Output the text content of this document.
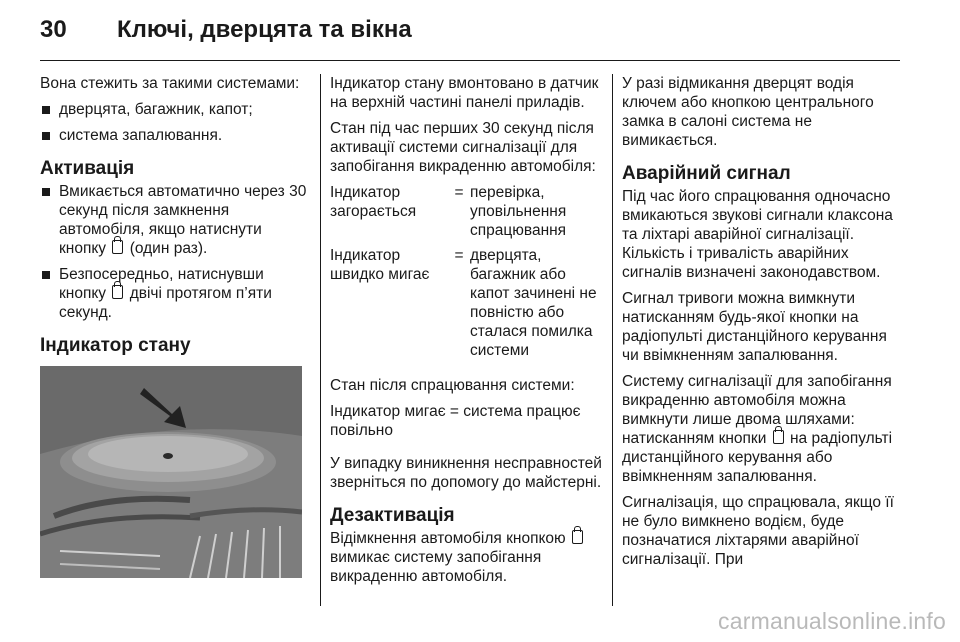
30	Ключі, дверцята та вікна

Вона стежить за такими системами:

дверцята, багажник, капот;
система запалювання.
Активація
Вмикається автоматично через 30 секунд після замкнення автомобіля, якщо натиснути кнопку (один раз).
Безпосередньо, натиснувши кнопку двічі протягом п’яти секунд.
Індикатор стану

Індикатор стану вмонтовано в датчик на верхній частині панелі приладів.

Стан під час перших 30 секунд після активації системи сигналізації для запобігання викраденню автомобіля:

Індикатор загорається
= перевірка, уповільнення спрацювання
Індикатор швидко мигає
= дверцята, багажник або капот зачинені не повністю або сталася помилка системи

Стан після спрацювання системи:

Індикатор мигає = система працює повільно

У випадку виникнення несправностей зверніться по допомогу до майстерні.

Дезактивація

Відімкнення автомобіля кнопкою  вимикає систему запобігання викраденню автомобіля.

У разі відмикання дверцят водія ключем або кнопкою центрального замка в салоні система не вимикається.

Аварійний сигнал

Під час його спрацювання одночасно вмикаються звукові сигнали клаксона та ліхтарі аварійної сигналізації. Кількість і тривалість аварійних сигналів визначені законодавством.

Сигнал тривоги можна вимкнути натисканням будь-якої кнопки на радіопульті дистанційного керування чи ввімкненням запалювання.

Систему сигналізації для запобігання викраденню автомобіля можна вимкнути лише двома шляхами: натисканням кнопки на радіопульті дистанційного керування або ввімкненням запалювання.

Сигналізація, що спрацювала, якщо її не було вимкнено водієм, буде позначатися ліхтарями аварійної сигналізації. При

carmanualsonline.info
